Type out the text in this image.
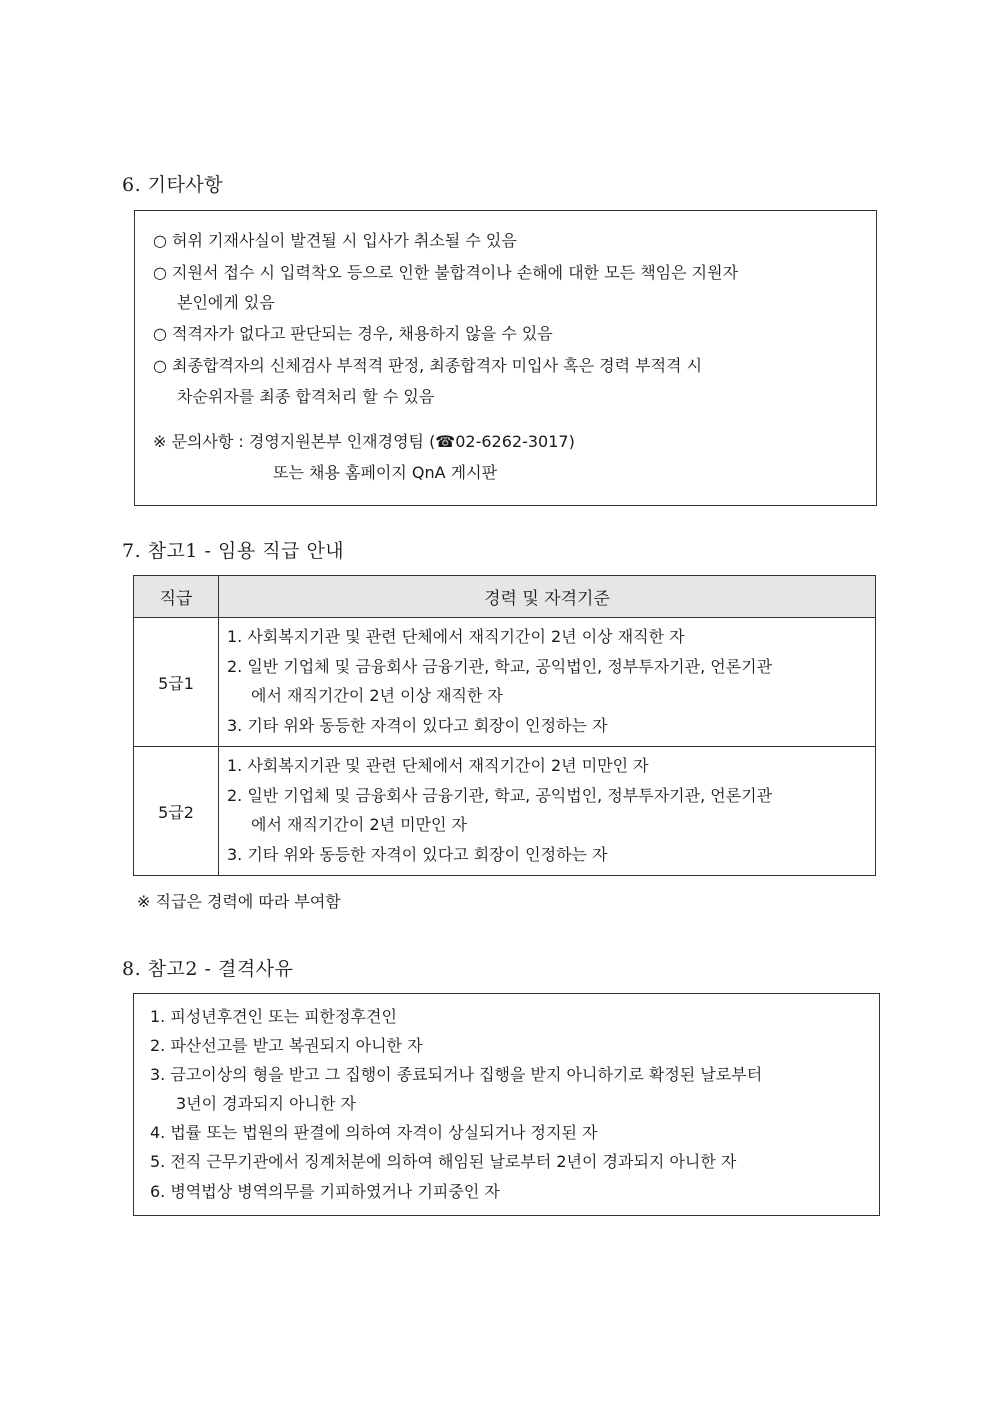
6. 기타사항
○ 허위 기재사실이 발견될 시 입사가 취소될 수 있음
○ 지원서 접수 시 입력착오 등으로 인한 불합격이나 손해에 대한 모든 책임은 지원자
본인에게 있음
○ 적격자가 없다고 판단되는 경우, 채용하지 않을 수 있음
○ 최종합격자의 신체검사 부적격 판정, 최종합격자 미입사 혹은 경력 부적격 시
차순위자를 최종 합격처리 할 수 있음
※ 문의사항 : 경영지원본부 인재경영팀 (☎02-6262-3017)
또는 채용 홈페이지 QnA 게시판
7. 참고1 - 임용 직급 안내
직급	경력 및 자격기준
5급1	1. 사회복지기관 및 관련 단체에서 재직기간이 2년 이상 재직한 자
2. 일반 기업체 및 금융회사 금융기관, 학교, 공익법인, 정부투자기관, 언론기관
에서 재직기간이 2년 이상 재직한 자
3. 기타 위와 동등한 자격이 있다고 회장이 인정하는 자

5급2	1. 사회복지기관 및 관련 단체에서 재직기간이 2년 미만인 자
2. 일반 기업체 및 금융회사 금융기관, 학교, 공익법인, 정부투자기관, 언론기관
에서 재직기간이 2년 미만인 자
3. 기타 위와 동등한 자격이 있다고 회장이 인정하는 자
※ 직급은 경력에 따라 부여함
8. 참고2 - 결격사유
1. 피성년후견인 또는 피한정후견인
2. 파산선고를 받고 복권되지 아니한 자
3. 금고이상의 형을 받고 그 집행이 종료되거나 집행을 받지 아니하기로 확정된 날로부터
3년이 경과되지 아니한 자
4. 법률 또는 법원의 판결에 의하여 자격이 상실되거나 정지된 자
5. 전직 근무기관에서 징계처분에 의하여 해임된 날로부터 2년이 경과되지 아니한 자
6. 병역법상 병역의무를 기피하였거나 기피중인 자
